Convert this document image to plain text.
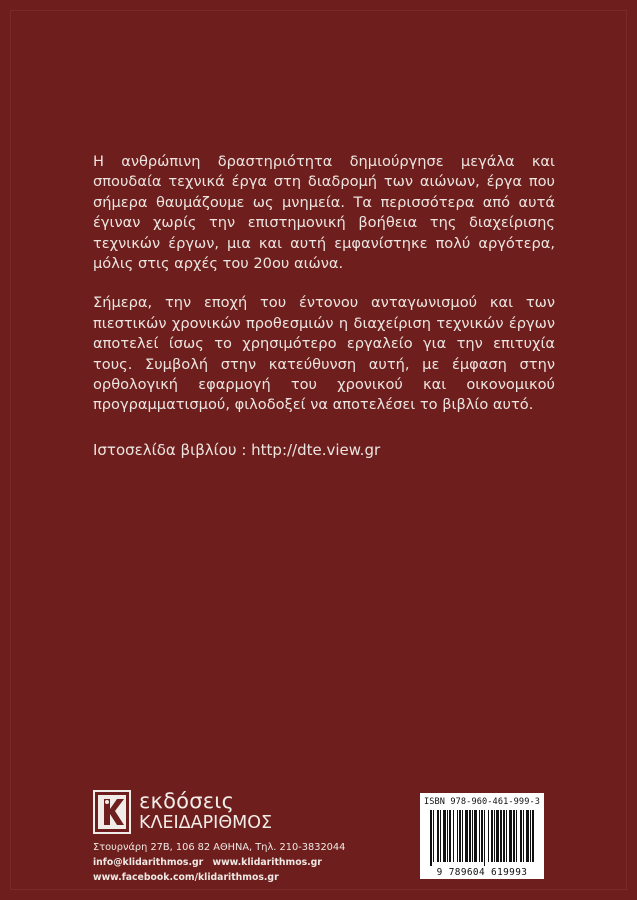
Η ανθρώπινη δραστηριότητα δημιούργησε μεγάλα και σπουδαία τεχνικά έργα στη διαδρομή των αιώνων, έργα που σήμερα θαυμάζουμε ως μνημεία. Τα περισσότερα από αυτά έγιναν χωρίς την επιστημονική βοήθεια της διαχείρισης τεχνικών έργων, μια και αυτή εμφανίστηκε πολύ αργότερα, μόλις στις αρχές του 20ου αιώνα.

Σήμερα, την εποχή του έντονου ανταγωνισμού και των πιεστικών χρονικών προθεσμιών η διαχείριση τεχνικών έργων αποτελεί ίσως το χρησιμότερο εργαλείο για την επιτυχία τους. Συμβολή στην κατεύθυνση αυτή, με έμφαση στην ορθολογική εφαρμογή του χρονικού και οικονομικού προγραμματισμού, φιλοδοξεί να αποτελέσει το βιβλίο αυτό.

Ιστοσελίδα βιβλίου : http://dte.view.gr
εκδόσεις
ΚΛΕΙΔΑΡΙΘΜΟΣ
Στουρνάρη 27Β, 106 82 ΑΘΗΝΑ, Τηλ. 210-3832044
info@klidarithmos.gr www.klidarithmos.gr
www.facebook.com/klidarithmos.gr
ISBN 978-960-461-999-3
9 789604 619993
